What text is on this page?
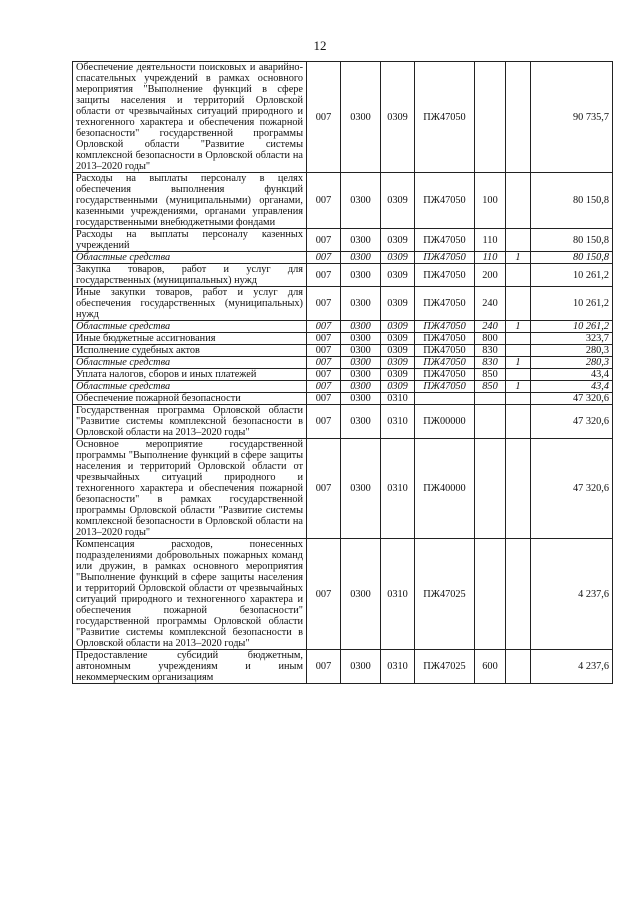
12
Обеспечение деятельности поисковых и аварийно-спасательных учреждений в рамках основного мероприятия "Выполнение функций в сфере защиты населения и территорий Орловской области от чрезвычайных ситуаций природного и техногенного характера и обеспечения пожарной безопасности" государственной программы Орловской области "Развитие системы комплексной безопасности в Орловской области на 2013–2020 годы"	007	0300	0309	ПЖ47050			90 735,7
Расходы на выплаты персоналу в целях обеспечения выполнения функций государственными (муниципальными) органами, казенными учреждениями, органами управления государственными внебюджетными фондами	007	0300	0309	ПЖ47050	100		80 150,8
Расходы на выплаты персоналу казенных учреждений	007	0300	0309	ПЖ47050	110		80 150,8
Областные средства	007	0300	0309	ПЖ47050	110	1	80 150,8
Закупка товаров, работ и услуг для государственных (муниципальных) нужд	007	0300	0309	ПЖ47050	200		10 261,2
Иные закупки товаров, работ и услуг для обеспечения государственных (муниципальных) нужд	007	0300	0309	ПЖ47050	240		10 261,2
Областные средства	007	0300	0309	ПЖ47050	240	1	10 261,2
Иные бюджетные ассигнования	007	0300	0309	ПЖ47050	800		323,7
Исполнение судебных актов	007	0300	0309	ПЖ47050	830		280,3
Областные средства	007	0300	0309	ПЖ47050	830	1	280,3
Уплата налогов, сборов и иных платежей	007	0300	0309	ПЖ47050	850		43,4
Областные средства	007	0300	0309	ПЖ47050	850	1	43,4
Обеспечение пожарной безопасности	007	0300	0310				47 320,6
Государственная программа Орловской области "Развитие системы комплексной безопасности в Орловской области на 2013–2020 годы"	007	0300	0310	ПЖ00000			47 320,6
Основное мероприятие государственной программы "Выполнение функций в сфере защиты населения и территорий Орловской области от чрезвычайных ситуаций природного и техногенного характера и обеспечения пожарной безопасности" в рамках государственной программы Орловской области "Развитие системы комплексной безопасности в Орловской области на 2013–2020 годы"	007	0300	0310	ПЖ40000			47 320,6
Компенсация расходов, понесенных подразделениями добровольных пожарных команд или дружин, в рамках основного мероприятия "Выполнение функций в сфере защиты населения и территорий Орловской области от чрезвычайных ситуаций природного и техногенного характера и обеспечения пожарной безопасности" государственной программы Орловской области "Развитие системы комплексной безопасности в Орловской области на 2013–2020 годы"	007	0300	0310	ПЖ47025			4 237,6
Предоставление субсидий бюджетным, автономным учреждениям и иным некоммерческим организациям	007	0300	0310	ПЖ47025	600		4 237,6
